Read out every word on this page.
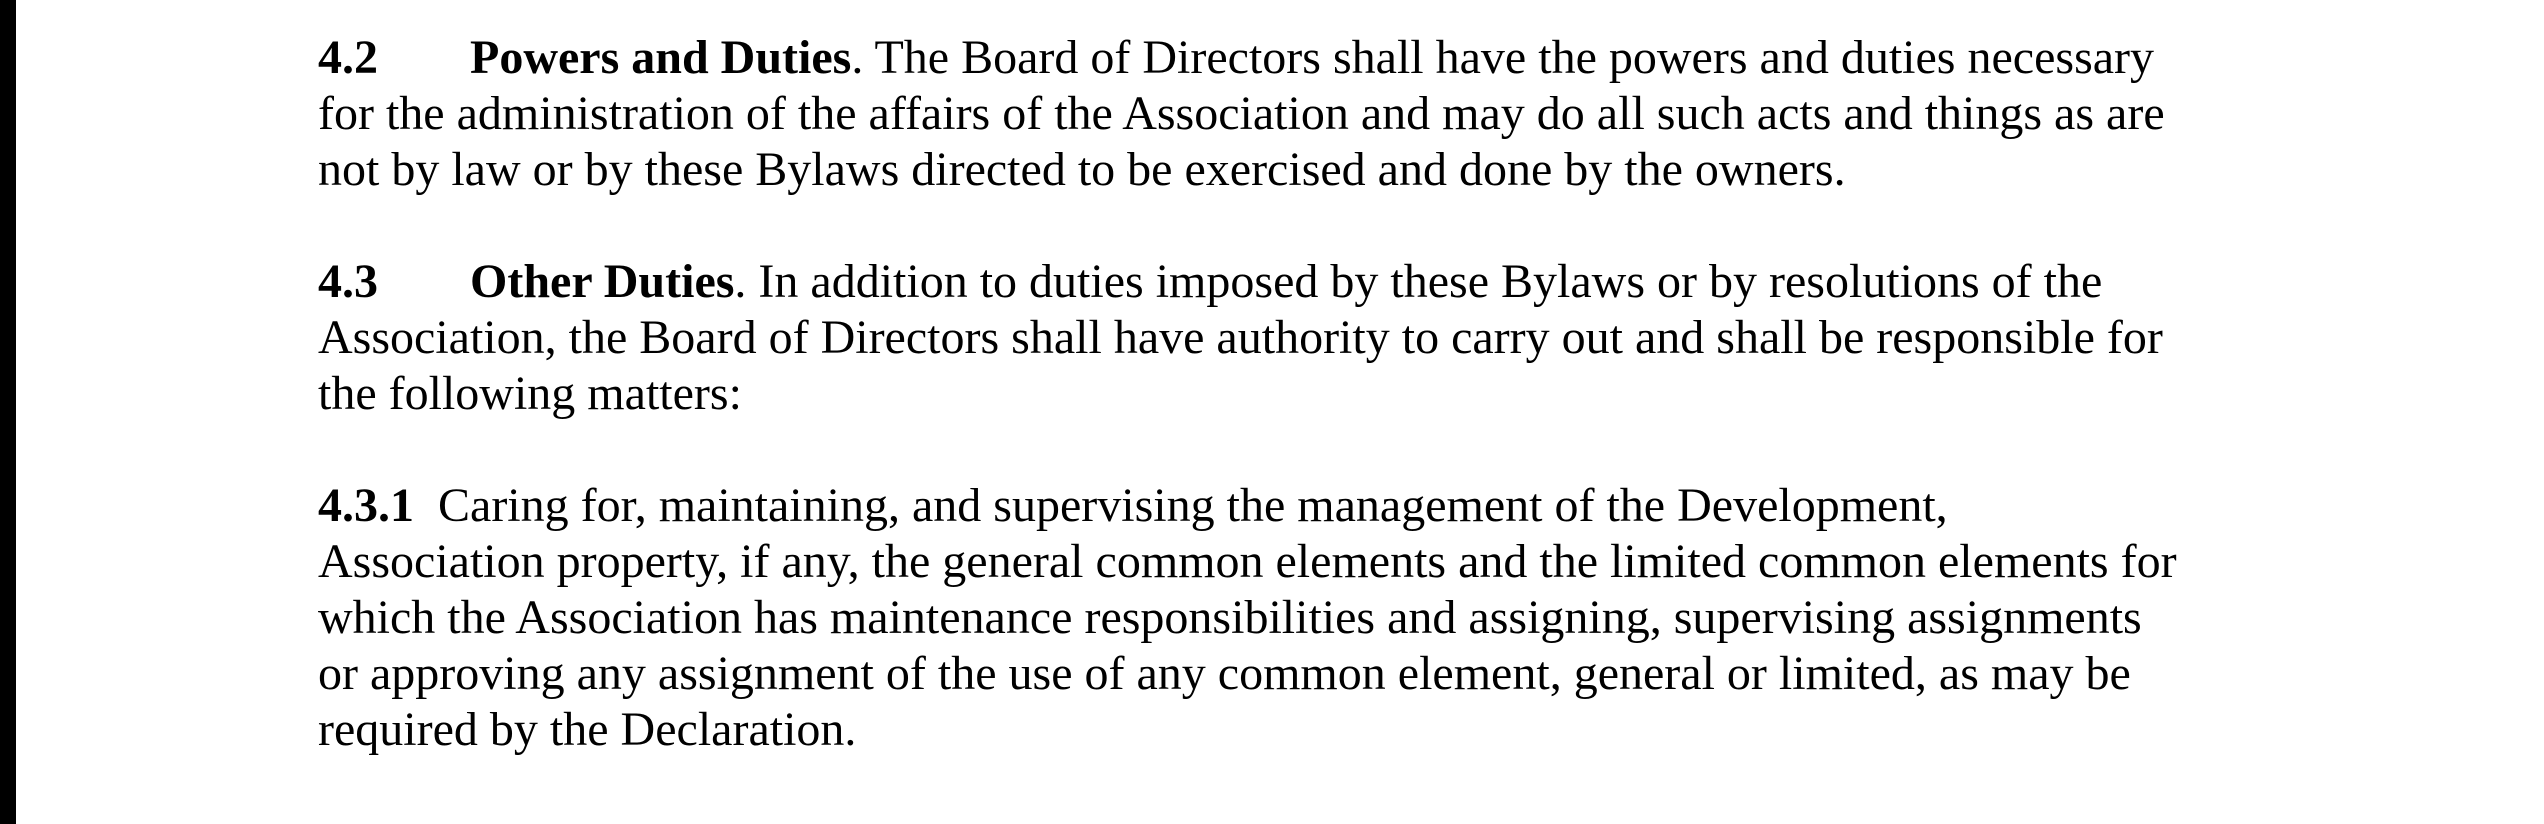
4.2 Powers and Duties. The Board of Directors shall have the powers and duties necessary
for the administration of the affairs of the Association and may do all such acts and things as are
not by law or by these Bylaws directed to be exercised and done by the owners.

4.3 Other Duties. In addition to duties imposed by these Bylaws or by resolutions of the
Association, the Board of Directors shall have authority to carry out and shall be responsible for
the following matters:

4.3.1 Caring for, maintaining, and supervising the management of the Development,
Association property, if any, the general common elements and the limited common elements for
which the Association has maintenance responsibilities and assigning, supervising assignments
or approving any assignment of the use of any common element, general or limited, as may be
required by the Declaration.
